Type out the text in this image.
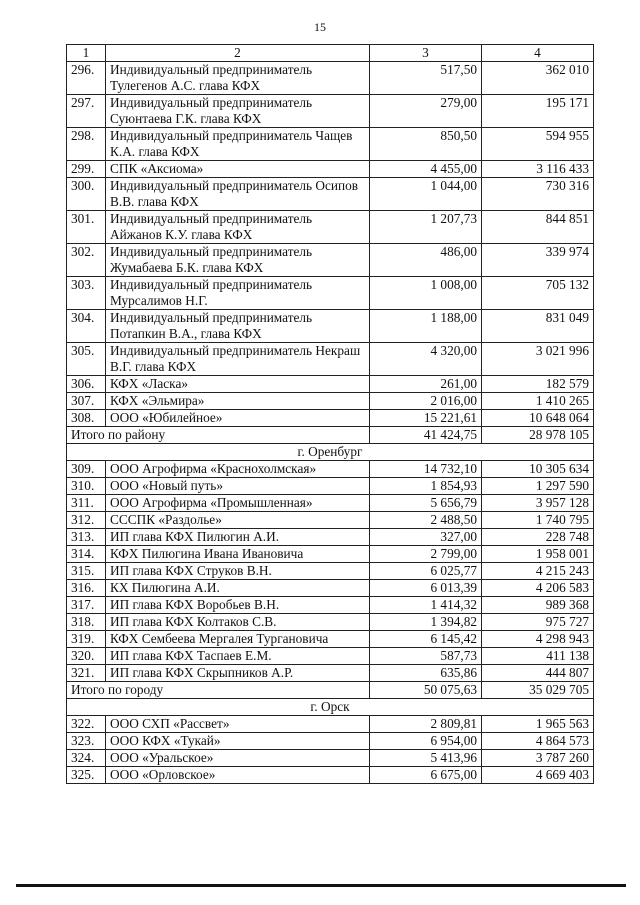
15
1	2	3	4
296.	Индивидуальный предприниматель Тулегенов А.С. глава КФХ	517,50	362 010
297.	Индивидуальный предприниматель Суюнтаева Г.К. глава КФХ	279,00	195 171
298.	Индивидуальный предприниматель Чащев К.А. глава КФХ	850,50	594 955
299.	СПК «Аксиома»	4 455,00	3 116 433
300.	Индивидуальный предприниматель Осипов В.В. глава КФХ	1 044,00	730 316
301.	Индивидуальный предприниматель Айжанов К.У. глава КФХ	1 207,73	844 851
302.	Индивидуальный предприниматель Жумабаева Б.К. глава КФХ	486,00	339 974
303.	Индивидуальный предприниматель Мурсалимов Н.Г.	1 008,00	705 132
304.	Индивидуальный предприниматель Потапкин В.А., глава КФХ	1 188,00	831 049
305.	Индивидуальный предприниматель Некраш В.Г. глава КФХ	4 320,00	3 021 996
306.	КФХ «Ласка»	261,00	182 579
307.	КФХ «Эльмира»	2 016,00	1 410 265
308.	ООО «Юбилейное»	15 221,61	10 648 064
Итого по району		41 424,75	28 978 105
г. Оренбург			
309.	ООО Агрофирма «Краснохолмская»	14 732,10	10 305 634
310.	ООО «Новый путь»	1 854,93	1 297 590
311.	ООО Агрофирма «Промышленная»	5 656,79	3 957 128
312.	СССПК «Раздолье»	2 488,50	1 740 795
313.	ИП глава КФХ Пилюгин А.И.	327,00	228 748
314.	КФХ Пилюгина Ивана Ивановича	2 799,00	1 958 001
315.	ИП глава КФХ Струков В.Н.	6 025,77	4 215 243
316.	КХ Пилюгина А.И.	6 013,39	4 206 583
317.	ИП глава КФХ Воробьев В.Н.	1 414,32	989 368
318.	ИП глава КФХ Колтаков С.В.	1 394,82	975 727
319.	КФХ Сембеева Мергалея Тургановича	6 145,42	4 298 943
320.	ИП глава КФХ Таспаев Е.М.	587,73	411 138
321.	ИП глава КФХ Скрыпников А.Р.	635,86	444 807
Итого по городу		50 075,63	35 029 705
г. Орск			
322.	ООО СХП «Рассвет»	2 809,81	1 965 563
323.	ООО КФХ «Тукай»	6 954,00	4 864 573
324.	ООО «Уральское»	5 413,96	3 787 260
325.	ООО «Орловское»	6 675,00	4 669 403
